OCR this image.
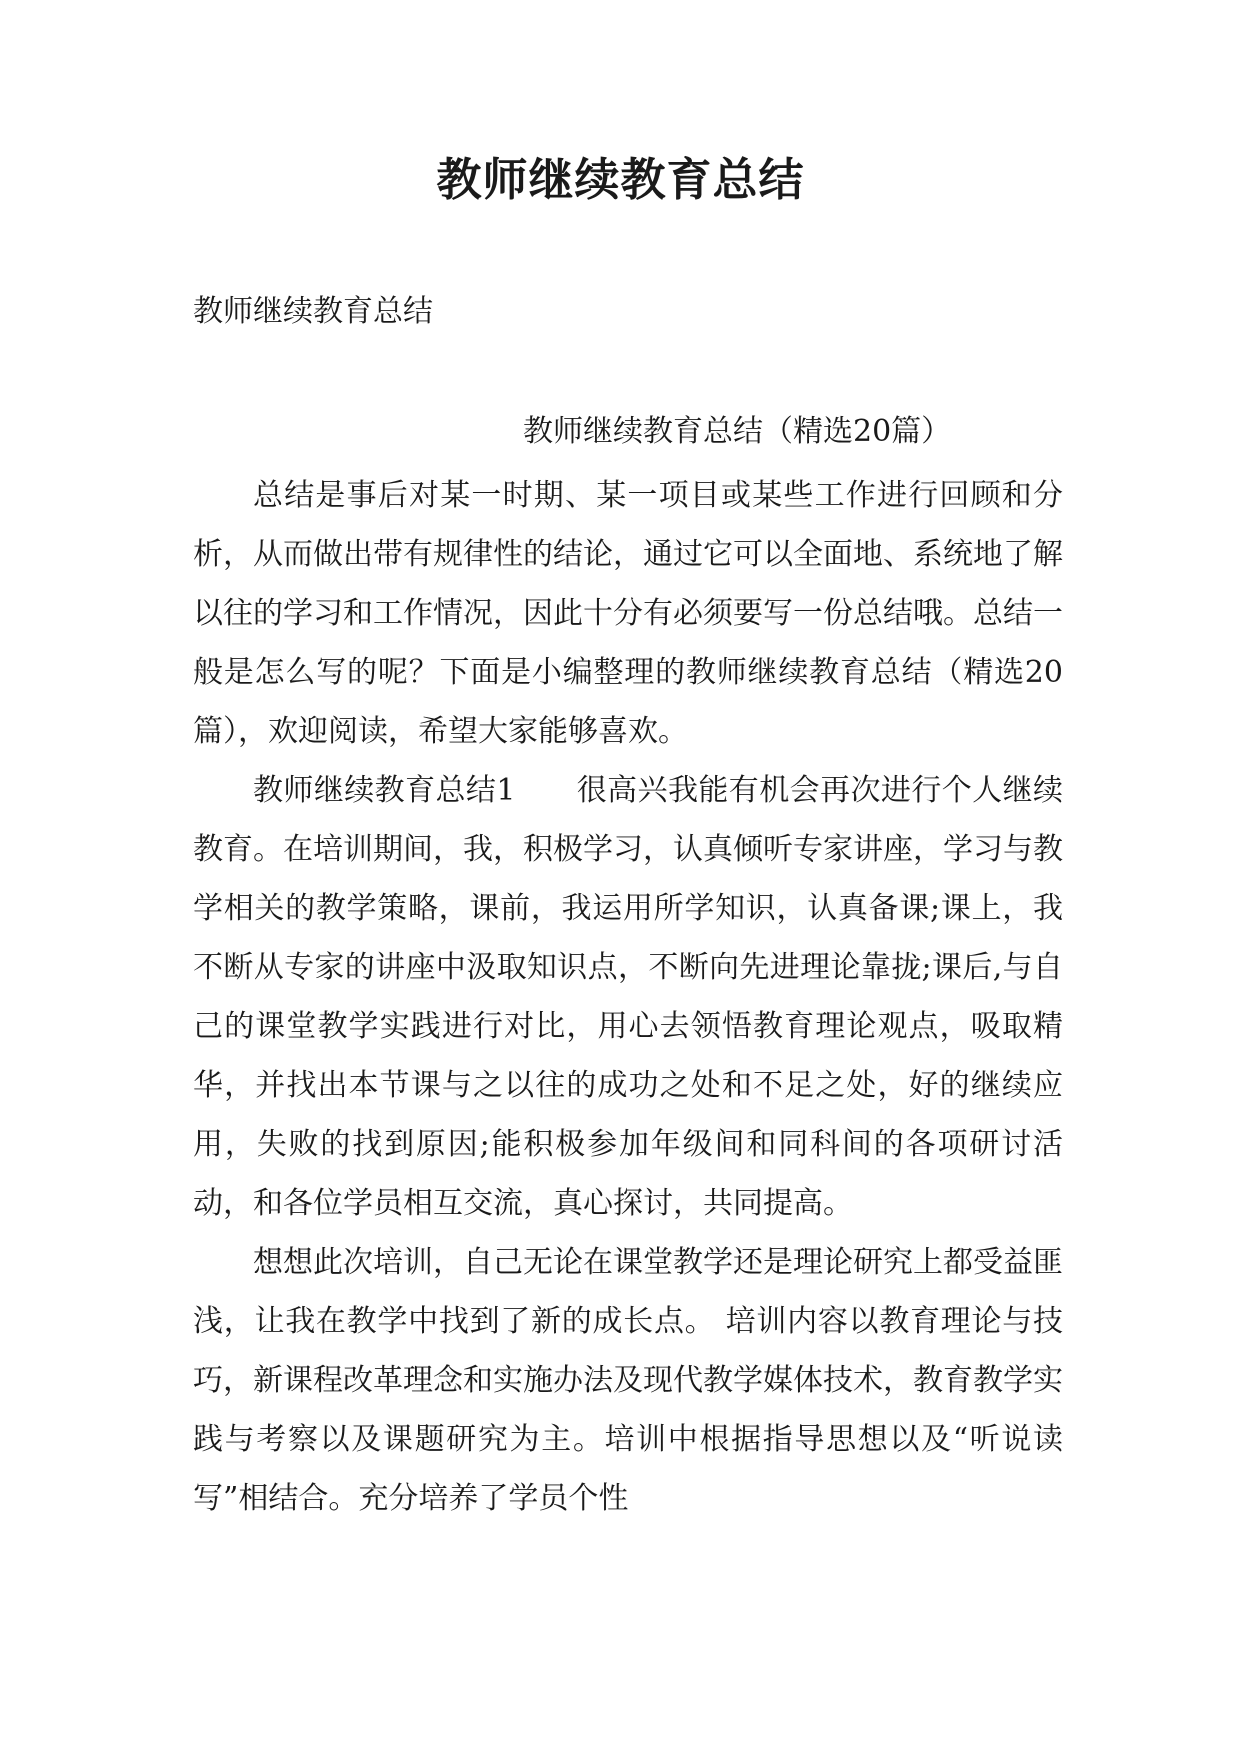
教师继续教育总结

教师继续教育总结

教师继续教育总结（精选20篇）

总结是事后对某一时期、某一项目或某些工作进行回顾和分析，从而做出带有规律性的结论，通过它可以全面地、系统地了解以往的学习和工作情况，因此十分有必须要写一份总结哦。总结一般是怎么写的呢？下面是小编整理的教师继续教育总结（精选20篇），欢迎阅读，希望大家能够喜欢。

教师继续教育总结1　　很高兴我能有机会再次进行个人继续教育。在培训期间，我，积极学习，认真倾听专家讲座，学习与教学相关的教学策略，课前，我运用所学知识，认真备课;课上，我不断从专家的讲座中汲取知识点，不断向先进理论靠拢;课后,与自己的课堂教学实践进行对比，用心去领悟教育理论观点，吸取精华，并找出本节课与之以往的成功之处和不足之处，好的继续应用，失败的找到原因;能积极参加年级间和同科间的各项研讨活动，和各位学员相互交流，真心探讨，共同提高。

想想此次培训，自己无论在课堂教学还是理论研究上都受益匪浅，让我在教学中找到了新的成长点。 培训内容以教育理论与技巧，新课程改革理念和实施办法及现代教学媒体技术，教育教学实践与考察以及课题研究为主。培训中根据指导思想以及“听说读写”相结合。充分培养了学员个性
